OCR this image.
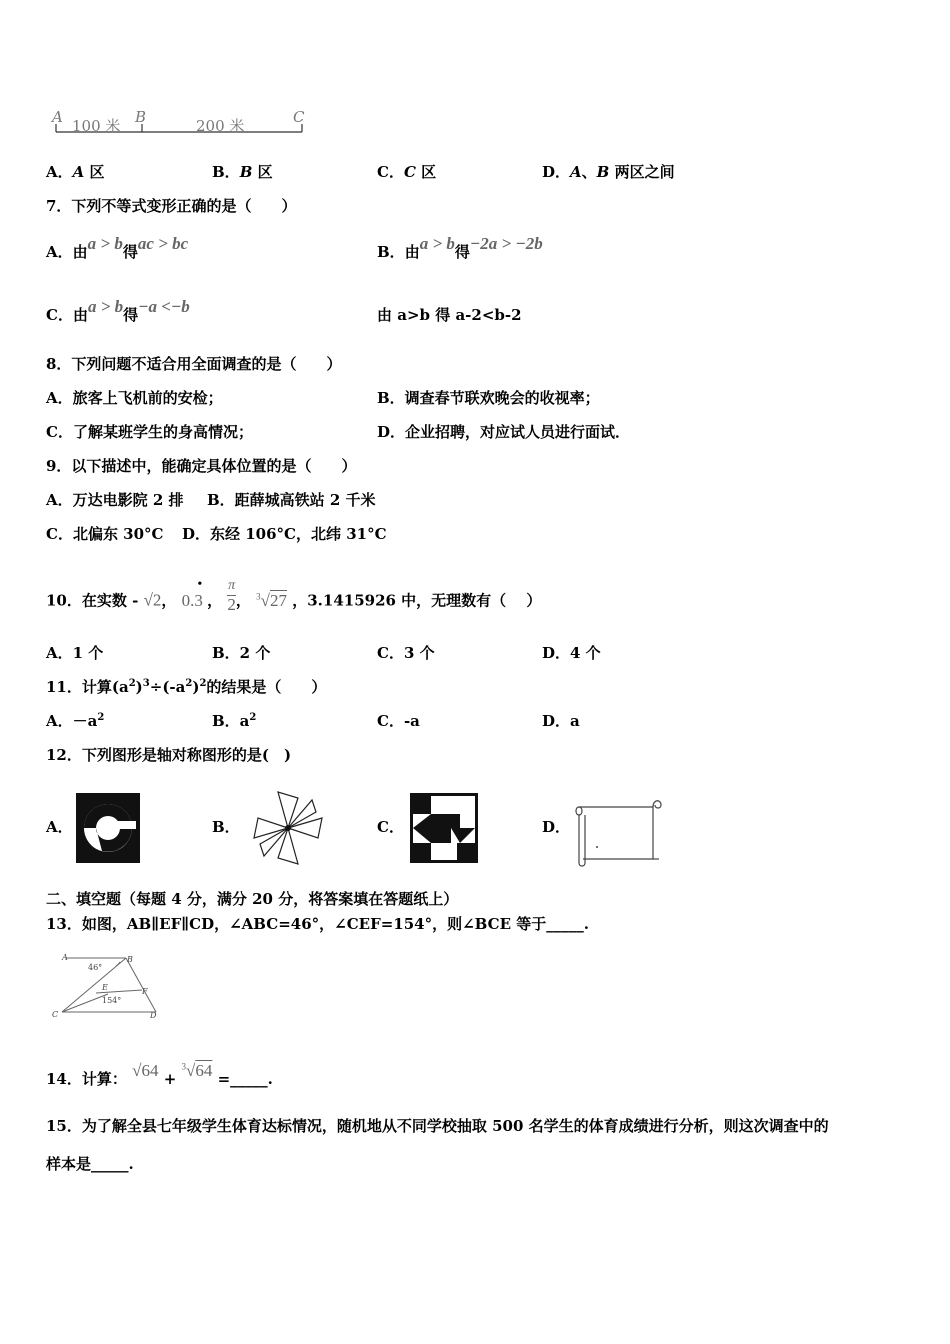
A 100 米 B	200 米	C
A．A 区	B．B 区	C．C 区	D．A、B 两区之间
7．下列不等式变形正确的是（　　）
A．由a > b得ac > bc	B．由a > b得−2a > −2b
C．由a > b得−a <−b	由 a>b 得 a-2<b-2
8．下列问题不适合用全面调查的是（　　）
A．旅客上飞机前的安检；	B．调查春节联欢晚会的收视率；
C．了解某班学生的身高情况；	D．企业招聘，对应试人员进行面试．
9．以下描述中，能确定具体位置的是（　　）
A．万达电影院 2 排 B．距薛城高铁站 2 千米
C．北偏东 30°C D．东经 106°C，北纬 31°C
10．在实数 - √2， 0.
•
3 ，
π
2 ， $^3$√27 ，3.1415926 中，无理数有（　 ）
A．1 个	B．2 个	C．3 个	D．4 个
11．计算$(a^2)^3\div(-a^2)^2$的结果是（　　）
A．$-a^2$	B．$a^2$	C．-a	D．a
12．下列图形是轴对称图形的是(　)
A．	B．	C．	D．
二、填空题（每题 4 分，满分 20 分，将答案填在答题纸上）
13．如图，AB∥EF∥CD，∠ABC=46°，∠CEF=154°，则∠BCE 等于_____.
A	B
C	D
E	F
46°
154°
14．计算： √64 + $^3$√64 =_____.
15．为了解全县七年级学生体育达标情况，随机地从不同学校抽取 500 名学生的体育成绩进行分析，则这次调查中的
样本是_____.
